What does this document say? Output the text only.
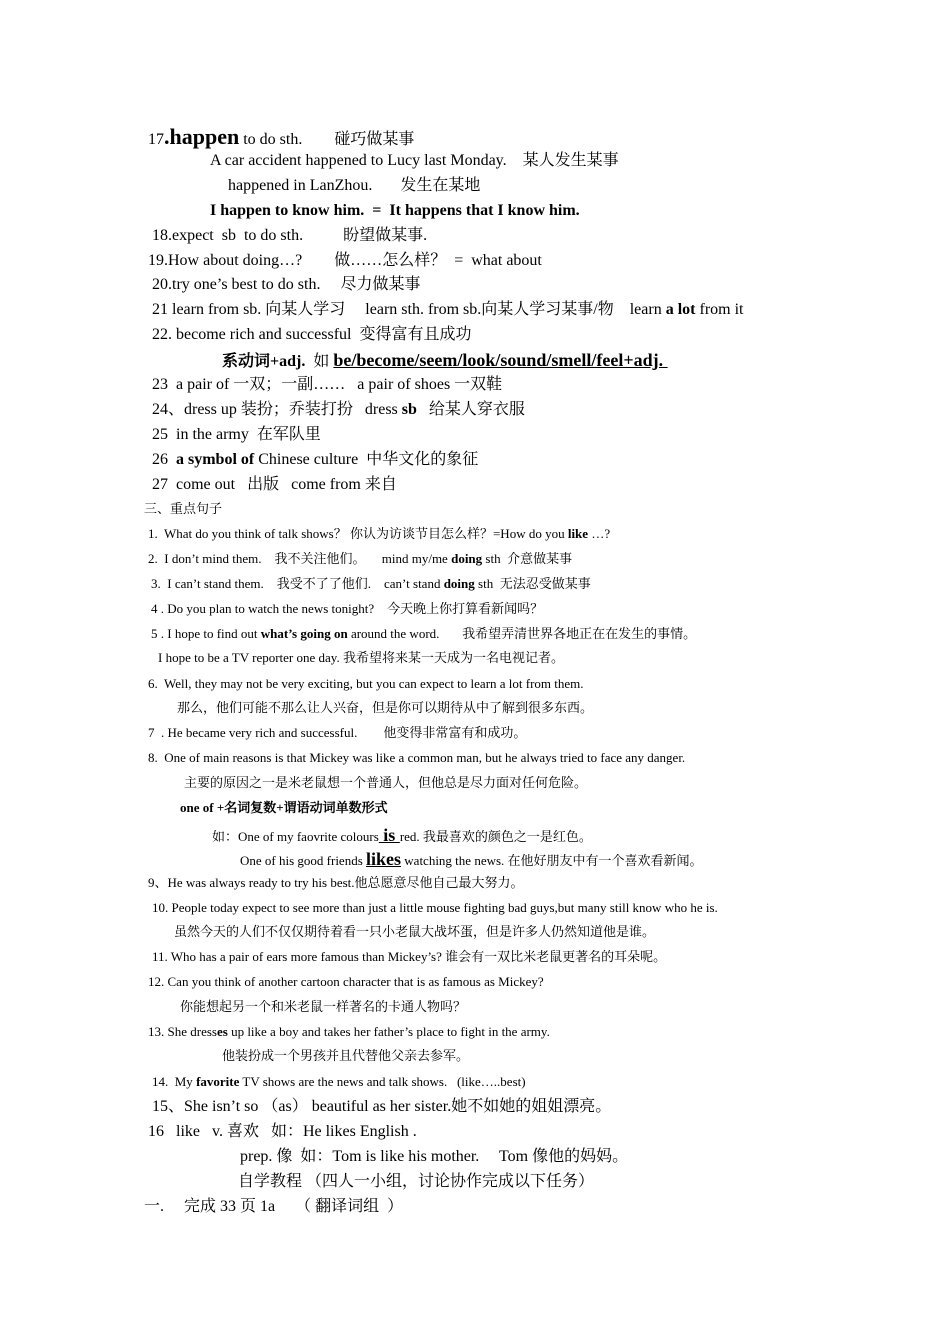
17.happen to do sth.        碰巧做某事
A car accident happened to Lucy last Monday.    某人发生某事
happened in LanZhou.       发生在某地
I happen to know him.  =  It happens that I know him.
18.expect  sb  to do sth.          盼望做某事.
19.How about doing…?        做……怎么样？  =  what about
20.try one’s best to do sth.     尽力做某事
21 learn from sb. 向某人学习     learn sth. from sb.向某人学习某事/物    learn a lot from it
22. become rich and successful  变得富有且成功
系动词+adj.  如 be/become/seem/look/sound/smell/feel+adj.
23  a pair of 一双；一副……   a pair of shoes 一双鞋
24、dress up 装扮；乔装打扮   dress sb   给某人穿衣服
25  in the army  在军队里
26  a symbol of Chinese culture  中华文化的象征
27  come out   出版   come from 来自
三、重点句子
1.  What do you think of talk shows？ 你认为访谈节目怎么样？=How do you like …?
2.  I don’t mind them.    我不关注他们。     mind my/me doing sth  介意做某事
3.  I can’t stand them.    我受不了了他们.    can’t stand doing sth  无法忍受做某事
4 . Do you plan to watch the news tonight?    今天晚上你打算看新闻吗？
5 . I hope to find out what’s going on around the word.       我希望弄清世界各地正在在发生的事情。
I hope to be a TV reporter one day. 我希望将来某一天成为一名电视记者。
6.  Well, they may not be very exciting, but you can expect to learn a lot from them.
那么，他们可能不那么让人兴奋，但是你可以期待从中了解到很多东西。
7  . He became very rich and successful.        他变得非常富有和成功。
8.  One of main reasons is that Mickey was like a common man, but he always tried to face any danger.
主要的原因之一是米老鼠想一个普通人，但他总是尽力面对任何危险。
one of +名词复数+谓语动词单数形式
如：One of my faovrite colours is red. 我最喜欢的颜色之一是红色。
One of his good friends likes watching the news. 在他好朋友中有一个喜欢看新闻。
9、He was always ready to try his best.他总愿意尽他自己最大努力。
10. People today expect to see more than just a little mouse fighting bad guys,but many still know who he is.
虽然今天的人们不仅仅期待着看一只小老鼠大战坏蛋，但是许多人仍然知道他是谁。
11. Who has a pair of ears more famous than Mickey’s? 谁会有一双比米老鼠更著名的耳朵呢。
12. Can you think of another cartoon character that is as famous as Mickey?
你能想起另一个和米老鼠一样著名的卡通人物吗？
13. She dresses up like a boy and takes her father’s place to fight in the army.
他装扮成一个男孩并且代替他父亲去参军。
14.  My favorite TV shows are the news and talk shows.   (like…..best)
15、She isn’t so （as） beautiful as her sister.她不如她的姐姐漂亮。
16   like   v. 喜欢   如：He likes English .
prep. 像  如：Tom is like his mother.     Tom 像他的妈妈。
自学教程 （四人一小组，讨论协作完成以下任务）
一.     完成 33 页 1a     （ 翻译词组  ）
